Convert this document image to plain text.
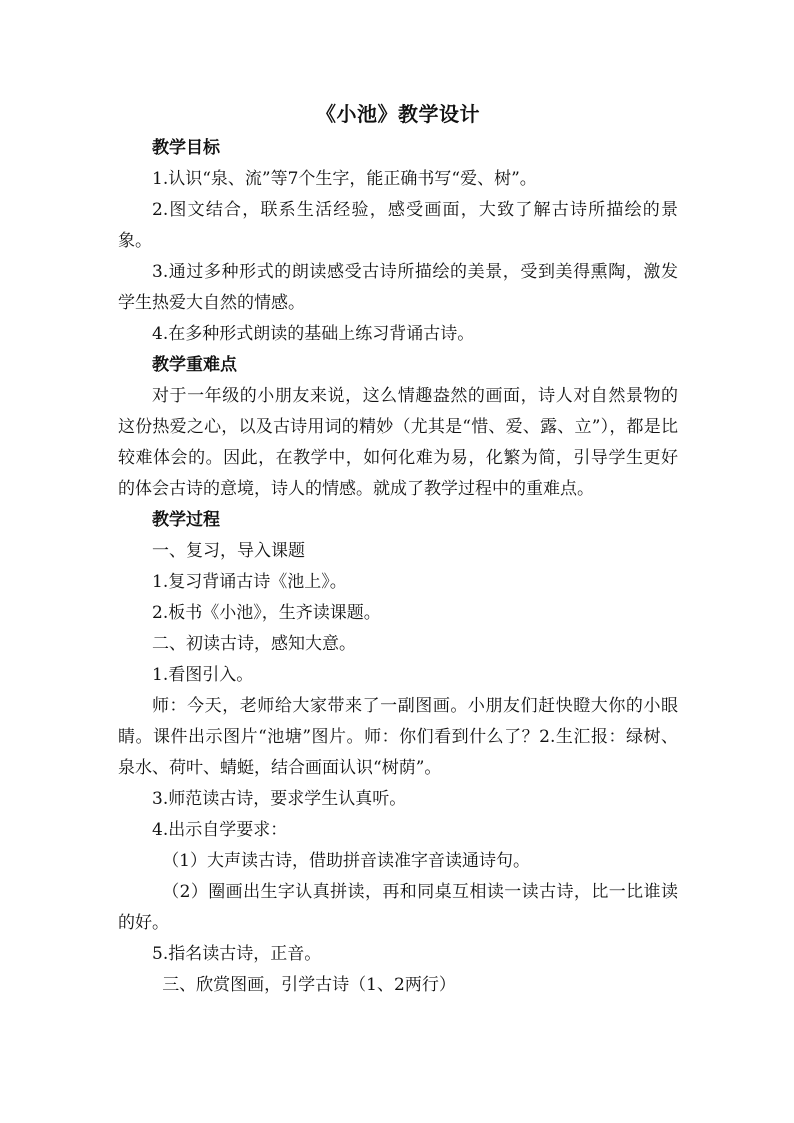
《小池》教学设计

教学目标

1.认识“泉、流”等7个生字，能正确书写“爱、树”。

2.图文结合，联系生活经验，感受画面，大致了解古诗所描绘的景象。

3.通过多种形式的朗读感受古诗所描绘的美景，受到美得熏陶，激发学生热爱大自然的情感。

4.在多种形式朗读的基础上练习背诵古诗。

教学重难点

对于一年级的小朋友来说，这么情趣盎然的画面，诗人对自然景物的这份热爱之心，以及古诗用词的精妙（尤其是“惜、爱、露、立”），都是比较难体会的。因此，在教学中，如何化难为易，化繁为简，引导学生更好的体会古诗的意境，诗人的情感。就成了教学过程中的重难点。

教学过程

一、复习，导入课题

1.复习背诵古诗《池上》。

2.板书《小池》，生齐读课题。

二、初读古诗，感知大意。

1.看图引入。

师：今天，老师给大家带来了一副图画。小朋友们赶快瞪大你的小眼睛。课件出示图片“池塘”图片。师：你们看到什么了？2.生汇报：绿树、泉水、荷叶、蜻蜓，结合画面认识“树荫”。

3.师范读古诗，要求学生认真听。

4.出示自学要求：

（1）大声读古诗，借助拼音读准字音读通诗句。

（2）圈画出生字认真拼读，再和同桌互相读一读古诗，比一比谁读的好。

5.指名读古诗，正音。

三、欣赏图画，引学古诗（1、2两行）
